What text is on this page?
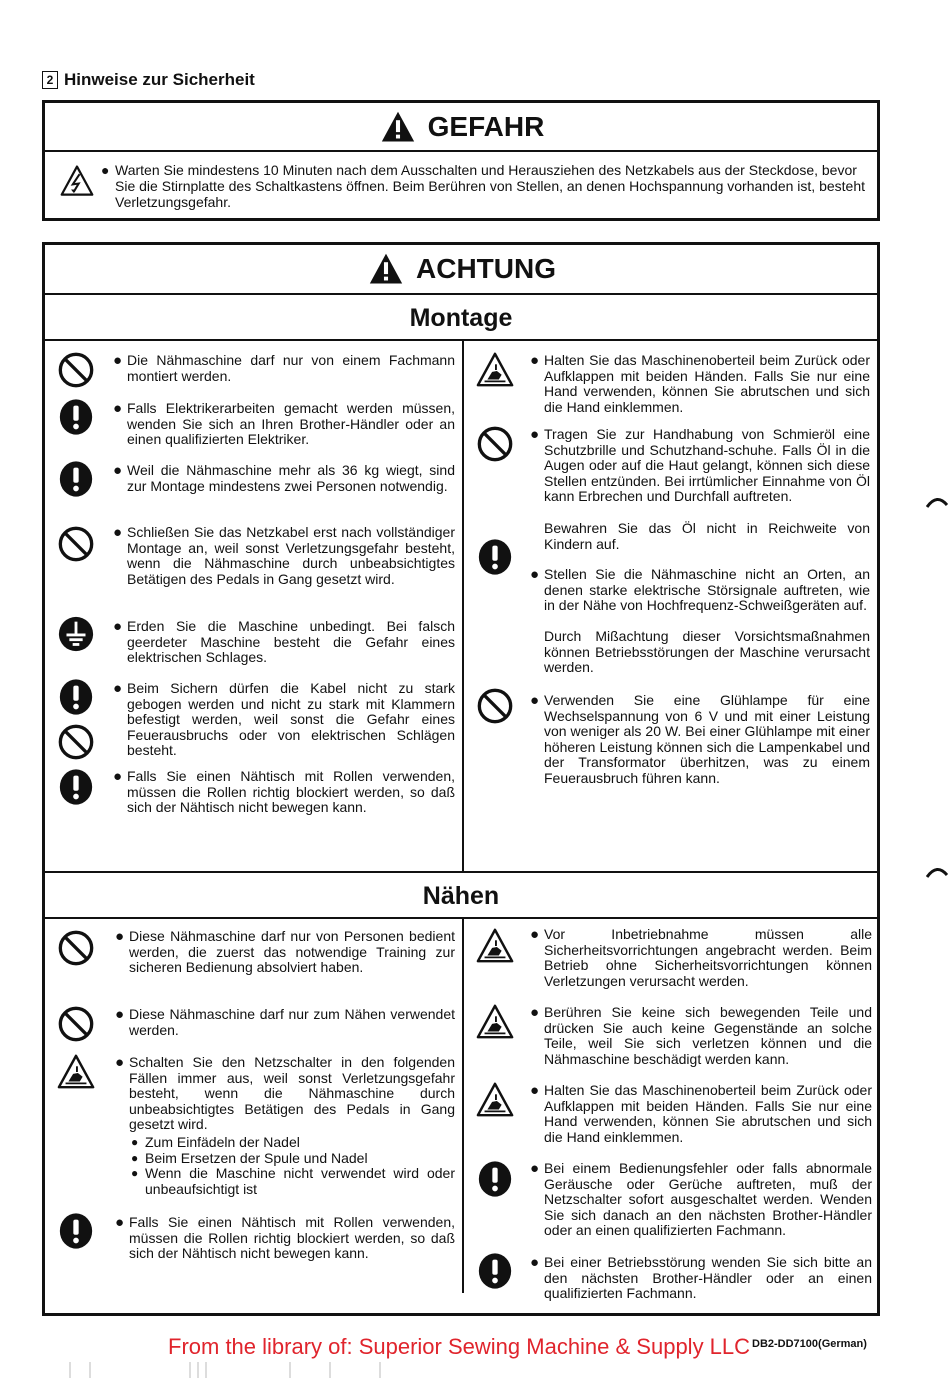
2 Hinweise zur Sicherheit
GEFAHR
● Warten Sie mindestens 10 Minuten nach dem Ausschalten und Herausziehen des Netzkabels aus der Steckdose, bevor Sie die Stirnplatte des Schaltkastens öffnen. Beim Berühren von Stellen, an denen Hochspannung vorhanden ist, besteht Verletzungsgefahr.
ACHTUNG
Montage
● Die Nähmaschine darf nur von einem Fachmann montiert werden.
● Falls Elektrikerarbeiten gemacht werden müssen, wenden Sie sich an Ihren Brother-Händler oder an einen qualifizierten Elektriker.
● Weil die Nähmaschine mehr als 36 kg wiegt, sind zur Montage mindestens zwei Personen notwendig.
● Schließen Sie das Netzkabel erst nach vollständiger Montage an, weil sonst Verletzungsgefahr besteht, wenn die Nähmaschine durch unbeabsichtigtes Betätigen des Pedals in Gang gesetzt wird.
● Erden Sie die Maschine unbedingt. Bei falsch geerdeter Maschine besteht die Gefahr eines elektrischen Schlages.
● Beim Sichern dürfen die Kabel nicht zu stark gebogen werden und nicht zu stark mit Klammern befestigt werden, weil sonst die Gefahr eines Feuerausbruchs oder von elektrischen Schlägen besteht.
● Falls Sie einen Nähtisch mit Rollen verwenden, müssen die Rollen richtig blockiert werden, so daß sich der Nähtisch nicht bewegen kann.
● Halten Sie das Maschinenoberteil beim Zurück oder Aufklappen mit beiden Händen. Falls Sie nur eine Hand verwenden, können Sie abrutschen und sich die Hand einklemmen.
● Tragen Sie zur Handhabung von Schmieröl eine Schutzbrille und Schutzhand-schuhe. Falls Öl in die Augen oder auf die Haut gelangt, können sich diese Stellen entzünden. Bei irrtümlicher Einnahme von Öl kann Erbrechen und Durchfall auftreten.
Bewahren Sie das Öl nicht in Reichweite von Kindern auf.
● Stellen Sie die Nähmaschine nicht an Orten, an denen starke elektrische Störsignale auftreten, wie in der Nähe von Hochfrequenz-Schweißgeräten auf.
Durch Mißachtung dieser Vorsichtsmaßnahmen können Betriebsstörungen der Maschine verursacht werden.
● Verwenden Sie eine Glühlampe für eine Wechselspannung von 6 V und mit einer Leistung von weniger als 20 W. Bei einer Glühlampe mit einer höheren Leistung können sich die Lampenkabel und der Transformator überhitzen, was zu einem Feuerausbruch führen kann.
Nähen
● Diese Nähmaschine darf nur von Personen bedient werden, die zuerst das notwendige Training zur sicheren Bedienung absolviert haben.
● Diese Nähmaschine darf nur zum Nähen verwendet werden.
● Schalten Sie den Netzschalter in den folgenden Fällen immer aus, weil sonst Verletzungsgefahr besteht, wenn die Nähmaschine durch unbeabsichtigtes Betätigen des Pedals in Gang gesetzt wird.
● Zum Einfädeln der Nadel
● Beim Ersetzen der Spule und Nadel
● Wenn die Maschine nicht verwendet wird oder unbeaufsichtigt ist
● Falls Sie einen Nähtisch mit Rollen verwenden, müssen die Rollen richtig blockiert werden, so daß sich der Nähtisch nicht bewegen kann.
● Vor Inbetriebnahme müssen alle Sicherheitsvorrichtungen angebracht werden. Beim Betrieb ohne Sicherheitsvorrichtungen können Verletzungen verursacht werden.
● Berühren Sie keine sich bewegenden Teile und drücken Sie auch keine Gegenstände an solche Teile, weil Sie sich verletzen können und die Nähmaschine beschädigt werden kann.
● Halten Sie das Maschinenoberteil beim Zurück oder Aufklappen mit beiden Händen. Falls Sie nur eine Hand verwenden, können Sie abrutschen und sich die Hand einklemmen.
● Bei einem Bedienungsfehler oder falls abnormale Geräusche oder Gerüche auftreten, muß der Netzschalter sofort ausgeschaltet werden. Wenden Sie sich danach an den nächsten Brother-Händler oder an einen qualifizierten Fachmann.
● Bei einer Betriebsstörung wenden Sie sich bitte an den nächsten Brother-Händler oder an einen qualifizierten Fachmann.
From the library of: Superior Sewing Machine & Supply LLC DB2-DD7100(German)
